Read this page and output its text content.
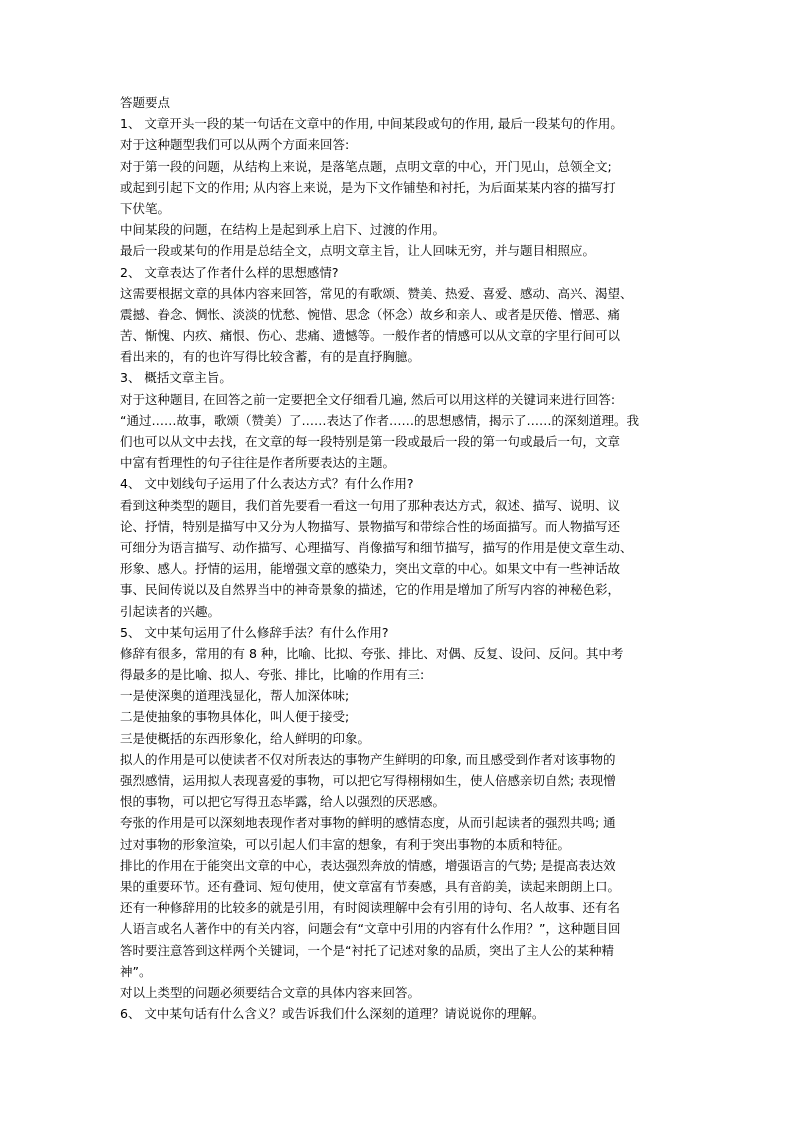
答题要点
1、 文章开头一段的某一句话在文章中的作用, 中间某段或句的作用, 最后一段某句的作用。
对于这种题型我们可以从两个方面来回答:
对于第一段的问题，从结构上来说，是落笔点题，点明文章的中心，开门见山，总领全文;
或起到引起下文的作用; 从内容上来说，是为下文作铺垫和衬托，为后面某某内容的描写打
下伏笔。
中间某段的问题，在结构上是起到承上启下、过渡的作用。
最后一段或某句的作用是总结全文，点明文章主旨，让人回味无穷，并与题目相照应。
2、 文章表达了作者什么样的思想感情?
这需要根据文章的具体内容来回答，常见的有歌颂、赞美、热爱、喜爱、感动、高兴、渴望、
震撼、眷念、惆怅、淡淡的忧愁、惋惜、思念（怀念）故乡和亲人、或者是厌倦、憎恶、痛
苦、惭愧、内疚、痛恨、伤心、悲痛、遗憾等。一般作者的情感可以从文章的字里行间可以
看出来的，有的也许写得比较含蓄，有的是直抒胸臆。
3、 概括文章主旨。
对于这种题目, 在回答之前一定要把全文仔细看几遍, 然后可以用这样的关键词来进行回答:
“通过……故事，歌颂（赞美）了……表达了作者……的思想感情，揭示了……的深刻道理。我
们也可以从文中去找，在文章的每一段特别是第一段或最后一段的第一句或最后一句，文章
中富有哲理性的句子往往是作者所要表达的主题。
4、 文中划线句子运用了什么表达方式？有什么作用?
看到这种类型的题目，我们首先要看一看这一句用了那种表达方式，叙述、描写、说明、议
论、抒情，特别是描写中又分为人物描写、景物描写和带综合性的场面描写。而人物描写还
可细分为语言描写、动作描写、心理描写、肖像描写和细节描写，描写的作用是使文章生动、
形象、感人。抒情的运用，能增强文章的感染力，突出文章的中心。如果文中有一些神话故
事、民间传说以及自然界当中的神奇景象的描述，它的作用是增加了所写内容的神秘色彩，
引起读者的兴趣。
5、 文中某句运用了什么修辞手法？有什么作用?
修辞有很多，常用的有 8 种，比喻、比拟、夸张、排比、对偶、反复、设问、反问。其中考
得最多的是比喻、拟人、夸张、排比，比喻的作用有三:
一是使深奥的道理浅显化，帮人加深体味;
二是使抽象的事物具体化，叫人便于接受;
三是使概括的东西形象化，给人鲜明的印象。
拟人的作用是可以使读者不仅对所表达的事物产生鲜明的印象, 而且感受到作者对该事物的
强烈感情，运用拟人表现喜爱的事物，可以把它写得栩栩如生，使人倍感亲切自然; 表现憎
恨的事物，可以把它写得丑态毕露，给人以强烈的厌恶感。
夸张的作用是可以深刻地表现作者对事物的鲜明的感情态度，从而引起读者的强烈共鸣; 通
过对事物的形象渲染，可以引起人们丰富的想象，有利于突出事物的本质和特征。
排比的作用在于能突出文章的中心，表达强烈奔放的情感，增强语言的气势; 是提高表达效
果的重要环节。还有叠词、短句使用，使文章富有节奏感，具有音韵美，读起来朗朗上口。
还有一种修辞用的比较多的就是引用，有时阅读理解中会有引用的诗句、名人故事、还有名
人语言或名人著作中的有关内容，问题会有“文章中引用的内容有什么作用？”，这种题目回
答时要注意答到这样两个关键词，一个是“衬托了记述对象的品质，突出了主人公的某种精
神”。
对以上类型的问题必须要结合文章的具体内容来回答。
6、 文中某句话有什么含义？或告诉我们什么深刻的道理？请说说你的理解。
